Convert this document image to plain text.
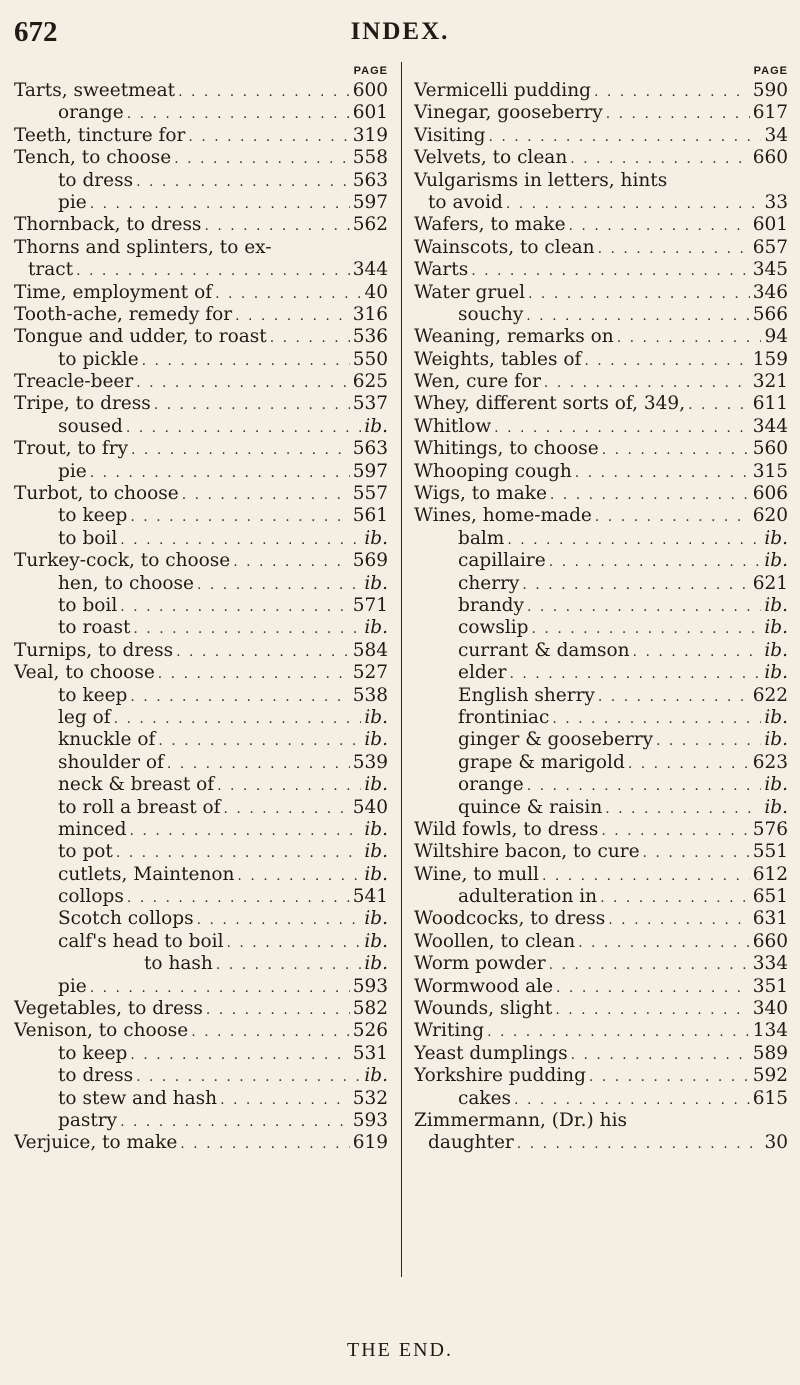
672	INDEX.
PAGE
Tarts, sweetmeat . . .	600
orange . . .	601
Teeth, tincture for . . .	319
Tench, to choose . . .	558
to dress . . .	563
pie . . .	597
Thornback, to dress . . .	562
Thorns and splinters, to ex-
tract . . .	344
Time, employment of . . .	40
Tooth-ache, remedy for . . .	316
Tongue and udder, to roast . . .	536
to pickle . . .	550
Treacle-beer . . .	625
Tripe, to dress . . .	537
soused . . .	ib.
Trout, to fry . . .	563
pie . . .	597
Turbot, to choose . . .	557
to keep . . .	561
to boil . . .	ib.
Turkey-cock, to choose . . .	569
hen, to choose . . .	ib.
to boil . . .	571
to roast . . .	ib.
Turnips, to dress . . .	584
Veal, to choose . . .	527
to keep . . .	538
leg of . . .	ib.
knuckle of . . .	ib.
shoulder of . . .	539
neck & breast of . . .	ib.
to roll a breast of . . .	540
minced . . .	ib.
to pot . . .	ib.
cutlets, Maintenon . . .	ib.
collops . . .	541
Scotch collops . . .	ib.
calf's head to boil . . .	ib.
to hash . . .	ib.
pie . . .	593
Vegetables, to dress . . .	582
Venison, to choose . . .	526
to keep . . .	531
to dress . . .	ib.
to stew and hash . . .	532
pastry . . .	593
Verjuice, to make . . .	619
PAGE
Vermicelli pudding . . .	590
Vinegar, gooseberry . . .	617
Visiting . . .	34
Velvets, to clean . . .	660
Vulgarisms in letters, hints
to avoid . . .	33
Wafers, to make . . .	601
Wainscots, to clean . . .	657
Warts . . .	345
Water gruel . . .	346
souchy . . .	566
Weaning, remarks on . . .	94
Weights, tables of . . .	159
Wen, cure for . . .	321
Whey, different sorts of, 349, . . .	611
Whitlow . . .	344
Whitings, to choose . . .	560
Whooping cough . . .	315
Wigs, to make . . .	606
Wines, home-made . . .	620
balm . . .	ib.
capillaire . . .	ib.
cherry . . .	621
brandy . . .	ib.
cowslip . . .	ib.
currant & damson . . .	ib.
elder . . .	ib.
English sherry . . .	622
frontiniac . . .	ib.
ginger & gooseberry . . .	ib.
grape & marigold . . .	623
orange . . .	ib.
quince & raisin . . .	ib.
Wild fowls, to dress . . .	576
Wiltshire bacon, to cure . . .	551
Wine, to mull . . .	612
adulteration in . . .	651
Woodcocks, to dress . . .	631
Woollen, to clean . . .	660
Worm powder . . .	334
Wormwood ale . . .	351
Wounds, slight . . .	340
Writing . . .	134
Yeast dumplings . . .	589
Yorkshire pudding . . .	592
cakes . . .	615
Zimmermann, (Dr.) his
daughter . . .	30
THE END.
